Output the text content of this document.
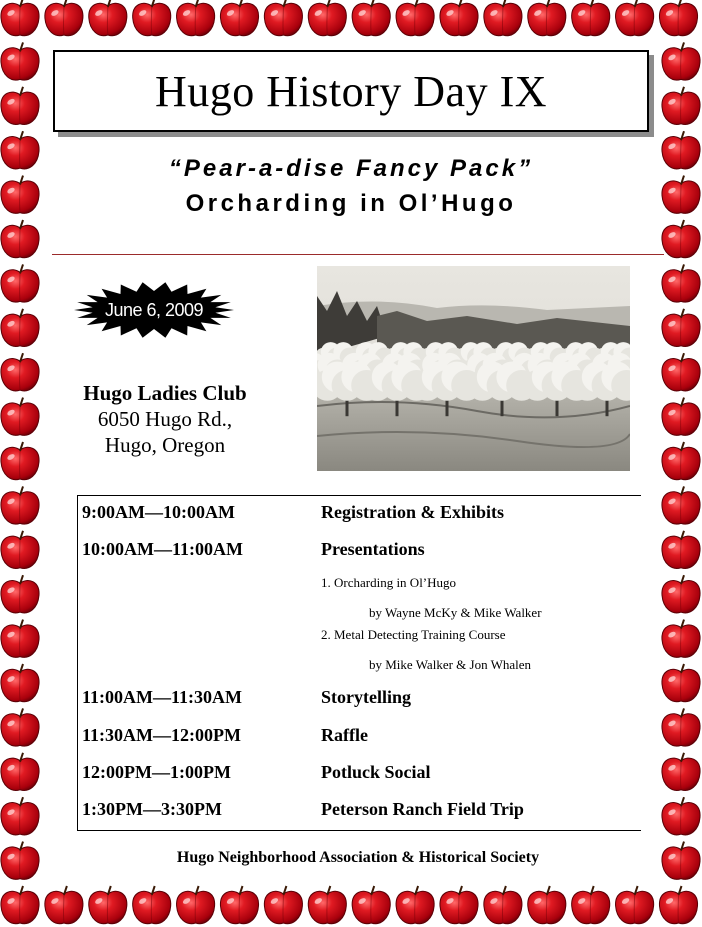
Hugo History Day IX
“Pear-a-dise Fancy Pack”
Orcharding in Ol’Hugo
June 6, 2009
Hugo Ladies Club
6050 Hugo Rd.,
Hugo, Oregon
9:00AM—10:00AM	Registration & Exhibits
10:00AM—11:00AM	Presentations
1. Orcharding in Ol’Hugo
by Wayne McKy & Mike Walker
2. Metal Detecting Training Course
by Mike Walker & Jon Whalen
11:00AM—11:30AM	Storytelling
11:30AM—12:00PM	Raffle
12:00PM—1:00PM	Potluck Social
1:30PM—3:30PM	Peterson Ranch Field Trip
Hugo Neighborhood Association & Historical Society
